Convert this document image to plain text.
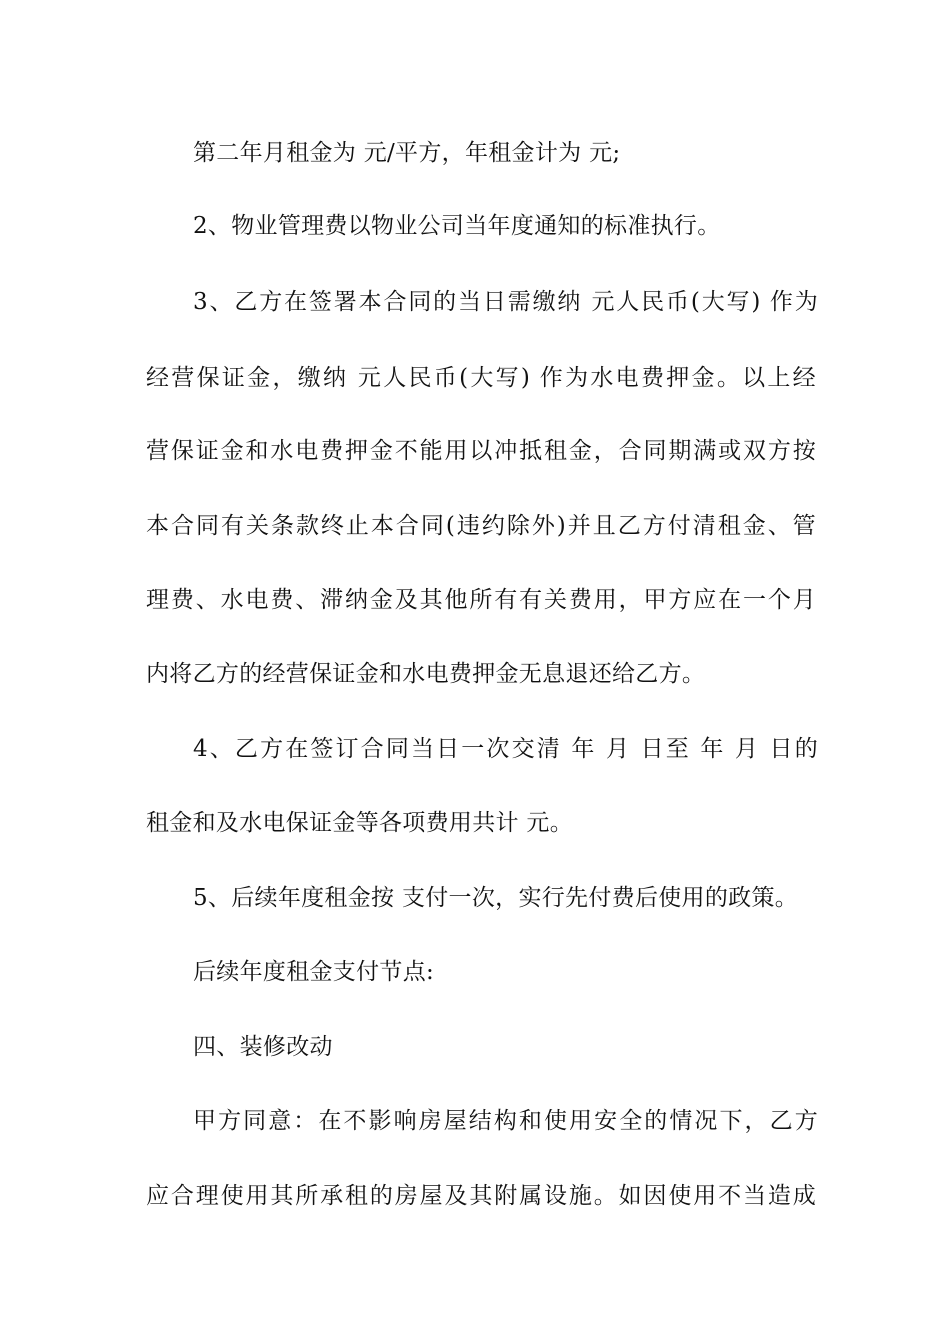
第二年月租金为 元/平方，年租金计为 元;
2、物业管理费以物业公司当年度通知的标准执行。
3、乙方在签署本合同的当日需缴纳 元人民币(大写) 作为
经营保证金，缴纳 元人民币(大写) 作为水电费押金。以上经
营保证金和水电费押金不能用以冲抵租金，合同期满或双方按
本合同有关条款终止本合同(违约除外)并且乙方付清租金、管
理费、水电费、滞纳金及其他所有有关费用，甲方应在一个月
内将乙方的经营保证金和水电费押金无息退还给乙方。
4、乙方在签订合同当日一次交清 年 月 日至 年 月 日的
租金和及水电保证金等各项费用共计 元。
5、后续年度租金按 支付一次，实行先付费后使用的政策。
后续年度租金支付节点:
四、装修改动
甲方同意：在不影响房屋结构和使用安全的情况下，乙方
应合理使用其所承租的房屋及其附属设施。如因使用不当造成
